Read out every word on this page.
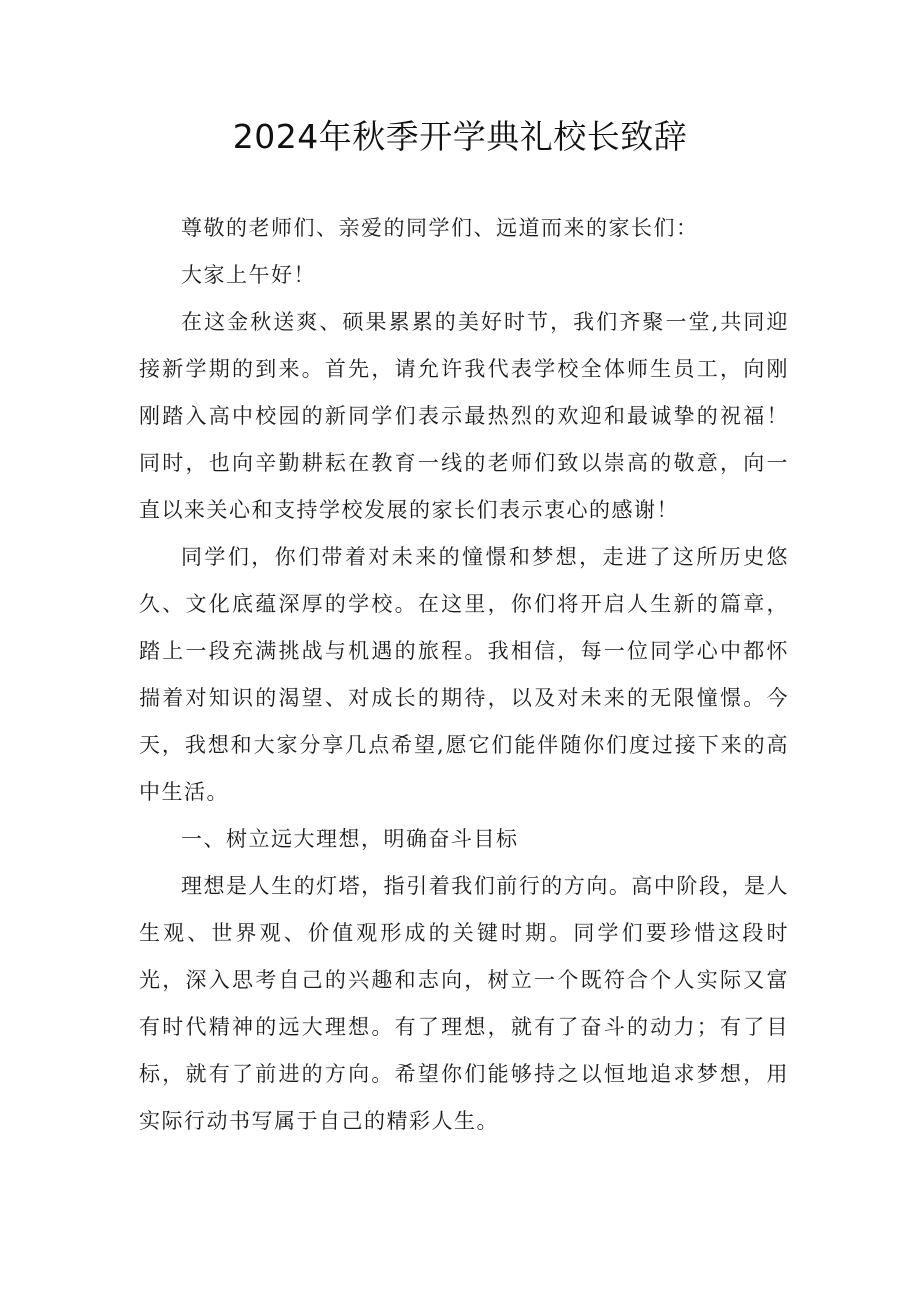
2024年秋季开学典礼校长致辞

尊敬的老师们、亲爱的同学们、远道而来的家长们：

大家上午好！

在这金秋送爽、硕果累累的美好时节，我们齐聚一堂,共同迎接新学期的到来。首先，请允许我代表学校全体师生员工，向刚刚踏入高中校园的新同学们表示最热烈的欢迎和最诚挚的祝福！同时，也向辛勤耕耘在教育一线的老师们致以崇高的敬意，向一直以来关心和支持学校发展的家长们表示衷心的感谢！

同学们，你们带着对未来的憧憬和梦想，走进了这所历史悠久、文化底蕴深厚的学校。在这里，你们将开启人生新的篇章，踏上一段充满挑战与机遇的旅程。我相信，每一位同学心中都怀揣着对知识的渴望、对成长的期待，以及对未来的无限憧憬。今天，我想和大家分享几点希望,愿它们能伴随你们度过接下来的高中生活。

一、树立远大理想，明确奋斗目标

理想是人生的灯塔，指引着我们前行的方向。高中阶段，是人生观、世界观、价值观形成的关键时期。同学们要珍惜这段时光，深入思考自己的兴趣和志向，树立一个既符合个人实际又富有时代精神的远大理想。有了理想，就有了奋斗的动力；有了目标，就有了前进的方向。希望你们能够持之以恒地追求梦想，用实际行动书写属于自己的精彩人生。
